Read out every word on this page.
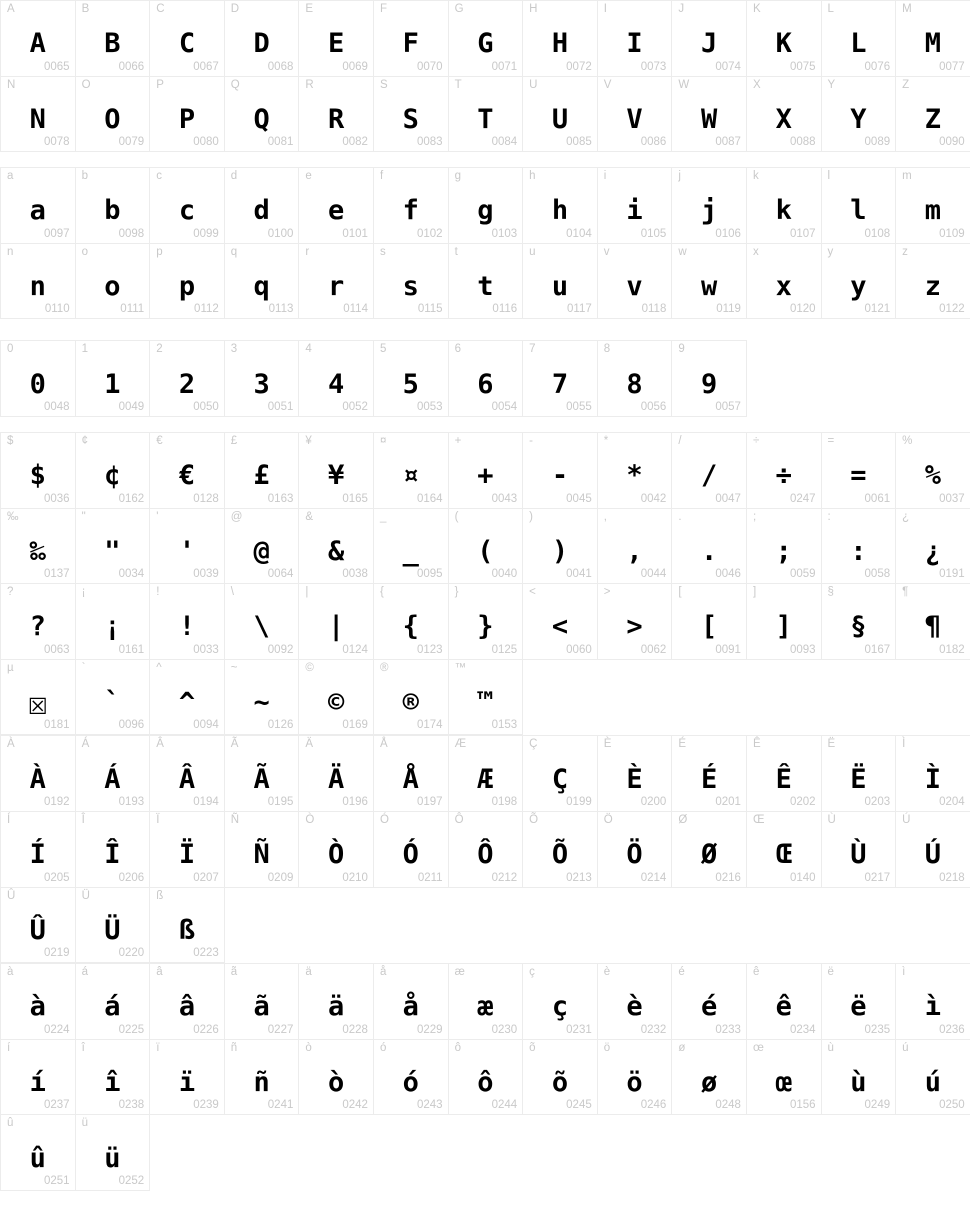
A
A
0065
B
B
0066
C
C
0067
D
D
0068
E
E
0069
F
F
0070
G
G
0071
H
H
0072
I
I
0073
J
J
0074
K
K
0075
L
L
0076
M
M
0077
N
N
0078
O
O
0079
P
P
0080
Q
Q
0081
R
R
0082
S
S
0083
T
T
0084
U
U
0085
V
V
0086
W
W
0087
X
X
0088
Y
Y
0089
Z
Z
0090
a
a
0097
b
b
0098
c
c
0099
d
d
0100
e
e
0101
f
f
0102
g
g
0103
h
h
0104
i
i
0105
j
j
0106
k
k
0107
l
l
0108
m
m
0109
n
n
0110
o
o
0111
p
p
0112
q
q
0113
r
r
0114
s
s
0115
t
t
0116
u
u
0117
v
v
0118
w
w
0119
x
x
0120
y
y
0121
z
z
0122
0
0
0048
1
1
0049
2
2
0050
3
3
0051
4
4
0052
5
5
0053
6
6
0054
7
7
0055
8
8
0056
9
9
0057
$
$
0036
¢
¢
0162
€
€
0128
£
£
0163
¥
¥
0165
¤
¤
0164
+
+
0043
-
-
0045
*
*
0042
/
/
0047
÷
÷
0247
=
=
0061
%
%
0037
‰
‰
0137
"
"
0034
'
'
0039
@
@
0064
&
&
0038
_
_
0095
(
(
0040
)
)
0041
,
,
0044
.
.
0046
;
;
0059
:
:
0058
¿
¿
0191
?
?
0063
¡
¡
0161
!
!
0033
\
\
0092
|
|
0124
{
{
0123
}
}
0125
<
<
0060
>
>
0062
[
[
0091
]
]
0093
§
§
0167
¶
¶
0182
µ
☒
0181
`
`
0096
^
^
0094
~
~
0126
©
©
0169
®
®
0174
™
™
0153
À
À
0192
Á
Á
0193
Â
Â
0194
Ã
Ã
0195
Ä
Ä
0196
Å
Å
0197
Æ
Æ
0198
Ç
Ç
0199
È
È
0200
É
É
0201
Ê
Ê
0202
Ë
Ë
0203
Ì
Ì
0204
Í
Í
0205
Î
Î
0206
Ï
Ï
0207
Ñ
Ñ
0209
Ò
Ò
0210
Ó
Ó
0211
Ô
Ô
0212
Õ
Õ
0213
Ö
Ö
0214
Ø
Ø
0216
Œ
Œ
0140
Ù
Ù
0217
Ú
Ú
0218
Û
Û
0219
Ü
Ü
0220
ß
ß
0223
à
à
0224
á
á
0225
â
â
0226
ã
ã
0227
ä
ä
0228
å
å
0229
æ
æ
0230
ç
ç
0231
è
è
0232
é
é
0233
ê
ê
0234
ë
ë
0235
ì
ì
0236
í
í
0237
î
î
0238
ï
ï
0239
ñ
ñ
0241
ò
ò
0242
ó
ó
0243
ô
ô
0244
õ
õ
0245
ö
ö
0246
ø
ø
0248
œ
œ
0156
ù
ù
0249
ú
ú
0250
û
û
0251
ü
ü
0252
